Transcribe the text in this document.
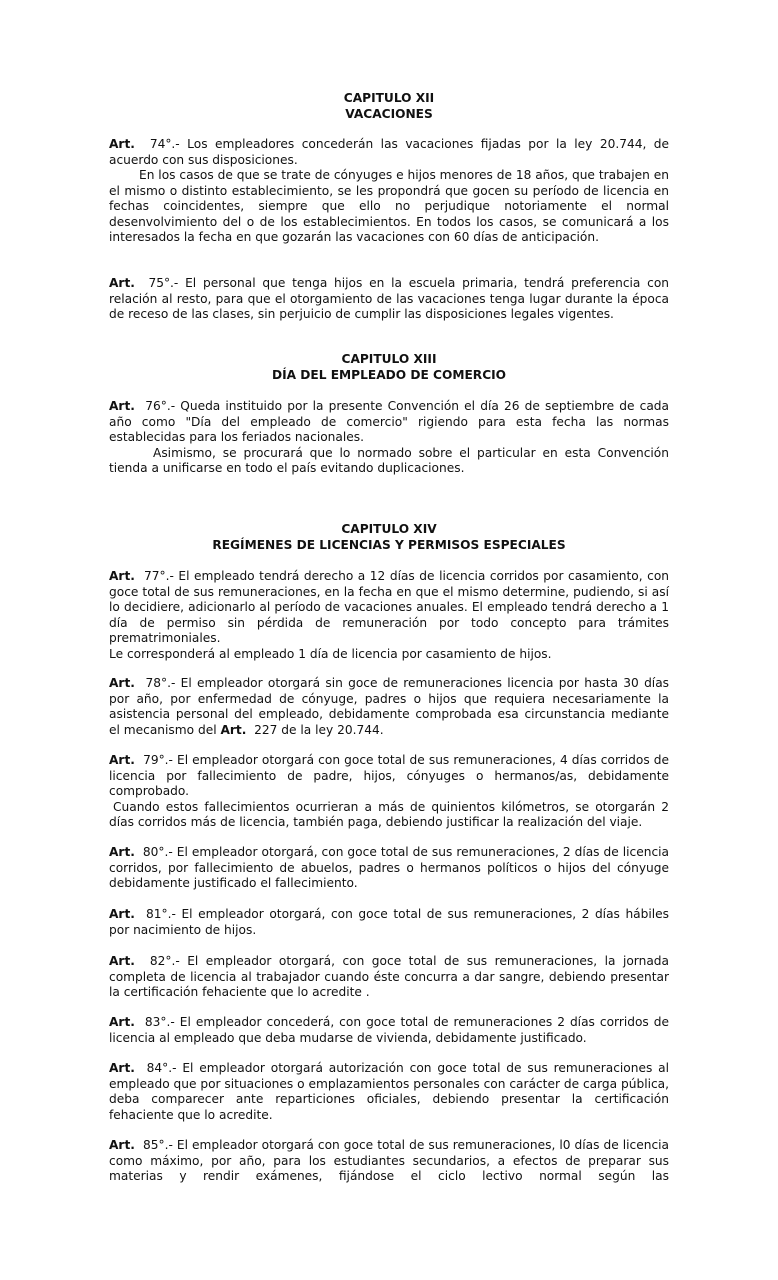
CAPITULO XII
VACACIONES

Art. 74°.- Los empleadores concederán las vacaciones fijadas por la ley 20.744, de acuerdo con sus disposiciones.

En los casos de que se trate de cónyuges e hijos menores de 18 años, que trabajen en el mismo o distinto establecimiento, se les propondrá que gocen su período de licencia en fechas coincidentes, siempre que ello no perjudique notoriamente el normal desenvolvimiento del o de los establecimientos. En todos los casos, se comunicará a los interesados la fecha en que gozarán las vacaciones con 60 días de anticipación.

Art. 75°.- El personal que tenga hijos en la escuela primaria, tendrá preferencia con relación al resto, para que el otorgamiento de las vacaciones tenga lugar durante la época de receso de las clases, sin perjuicio de cumplir las disposiciones legales vigentes.

CAPITULO XIII
DÍA DEL EMPLEADO DE COMERCIO

Art. 76°.- Queda instituido por la presente Convención el día 26 de septiembre de cada año como "Día del empleado de comercio" rigiendo para esta fecha las normas establecidas para los feriados nacionales.

Asimismo, se procurará que lo normado sobre el particular en esta Convención tienda a unificarse en todo el país evitando duplicaciones.

CAPITULO XIV
REGÍMENES DE LICENCIAS Y PERMISOS ESPECIALES

Art. 77°.- El empleado tendrá derecho a 12 días de licencia corridos por casamiento, con goce total de sus remuneraciones, en la fecha en que el mismo determine, pudiendo, si así lo decidiere, adicionarlo al período de vacaciones anuales. El empleado tendrá derecho a 1 día de permiso sin pérdida de remuneración por todo concepto para trámites prematrimoniales.

Le corresponderá al empleado 1 día de licencia por casamiento de hijos.

Art. 78°.- El empleador otorgará sin goce de remuneraciones licencia por hasta 30 días por año, por enfermedad de cónyuge, padres o hijos que requiera necesariamente la asistencia personal del empleado, debidamente comprobada esa circunstancia mediante el mecanismo del Art. 227 de la ley 20.744.

Art. 79°.- El empleador otorgará con goce total de sus remuneraciones, 4 días corridos de licencia por fallecimiento de padre, hijos, cónyuges o hermanos/as, debidamente comprobado.

Cuando estos fallecimientos ocurrieran a más de quinientos kilómetros, se otorgarán 2 días corridos más de licencia, también paga, debiendo justificar la realización del viaje.

Art. 80°.- El empleador otorgará, con goce total de sus remuneraciones, 2 días de licencia corridos, por fallecimiento de abuelos, padres o hermanos políticos o hijos del cónyuge debidamente justificado el fallecimiento.

Art. 81°.- El empleador otorgará, con goce total de sus remuneraciones, 2 días hábiles por nacimiento de hijos.

Art. 82°.- El empleador otorgará, con goce total de sus remuneraciones, la jornada completa de licencia al trabajador cuando éste concurra a dar sangre, debiendo presentar la certificación fehaciente que lo acredite .

Art. 83°.- El empleador concederá, con goce total de remuneraciones 2 días corridos de licencia al empleado que deba mudarse de vivienda, debidamente justificado.

Art. 84°.- El empleador otorgará autorización con goce total de sus remuneraciones al empleado que por situaciones o emplazamientos personales con carácter de carga pública, deba comparecer ante reparticiones oficiales, debiendo presentar la certificación fehaciente que lo acredite.

Art. 85°.- El empleador otorgará con goce total de sus remuneraciones, l0 días de licencia como máximo, por año, para los estudiantes secundarios, a efectos de preparar sus materias y rendir exámenes, fijándose el ciclo lectivo normal según las
